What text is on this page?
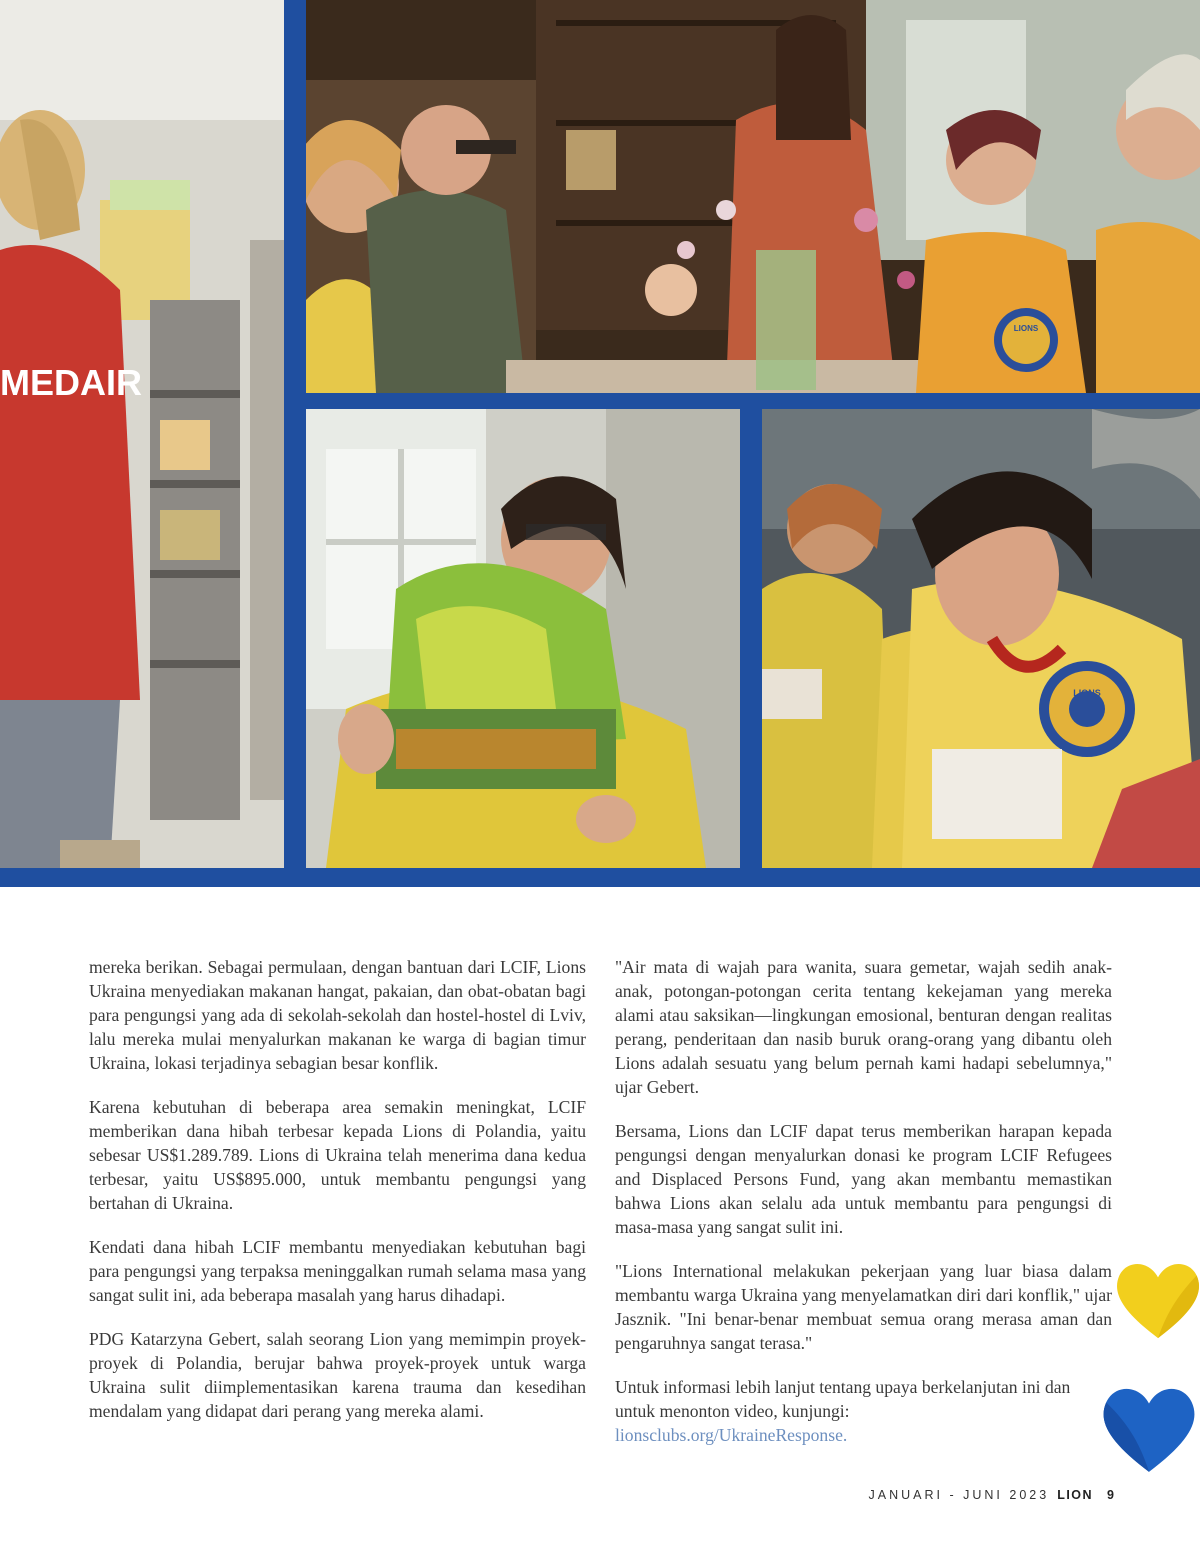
MEDAIR
LIONS
LIONS

mereka berikan. Sebagai permulaan, dengan bantuan dari LCIF, Lions Ukraina menyediakan makanan hangat, pakaian, dan obat-obatan bagi para pengungsi yang ada di sekolah-sekolah dan hostel-hostel di Lviv, lalu mereka mulai menyalurkan makanan ke warga di bagian timur Ukraina, lokasi terjadinya sebagian besar konflik.

Karena kebutuhan di beberapa area semakin meningkat, LCIF memberikan dana hibah terbesar kepada Lions di Polandia, yaitu sebesar US$1.289.789. Lions di Ukraina telah menerima dana kedua terbesar, yaitu US$895.000, untuk membantu pengungsi yang bertahan di Ukraina.

Kendati dana hibah LCIF membantu menyediakan kebutuhan bagi para pengungsi yang terpaksa meninggalkan rumah selama masa yang sangat sulit ini, ada beberapa masalah yang harus dihadapi.

PDG Katarzyna Gebert, salah seorang Lion yang memimpin proyek-proyek di Polandia, berujar bahwa proyek-proyek untuk warga Ukraina sulit diimplementasikan karena trauma dan kesedihan mendalam yang didapat dari perang yang mereka alami.

"Air mata di wajah para wanita, suara gemetar, wajah sedih anak-anak, potongan-potongan cerita tentang kekejaman yang mereka alami atau saksikan—lingkungan emosional, benturan dengan realitas perang, penderitaan dan nasib buruk orang-orang yang dibantu oleh Lions adalah sesuatu yang belum pernah kami hadapi sebelumnya," ujar Gebert.

Bersama, Lions dan LCIF dapat terus memberikan harapan kepada pengungsi dengan menyalurkan donasi ke program LCIF Refugees and Displaced Persons Fund, yang akan membantu memastikan bahwa Lions akan selalu ada untuk membantu para pengungsi di masa-masa yang sangat sulit ini.

"Lions International melakukan pekerjaan yang luar biasa dalam membantu warga Ukraina yang menyelamatkan diri dari konflik," ujar Jasznik. "Ini benar-benar membuat semua orang merasa aman dan pengaruhnya sangat terasa."

Untuk informasi lebih lanjut tentang upaya berkelanjutan ini dan untuk menonton video, kunjungi:
lionsclubs.org/UkraineResponse.

JANUARI - JUNI 2023 LION 9
